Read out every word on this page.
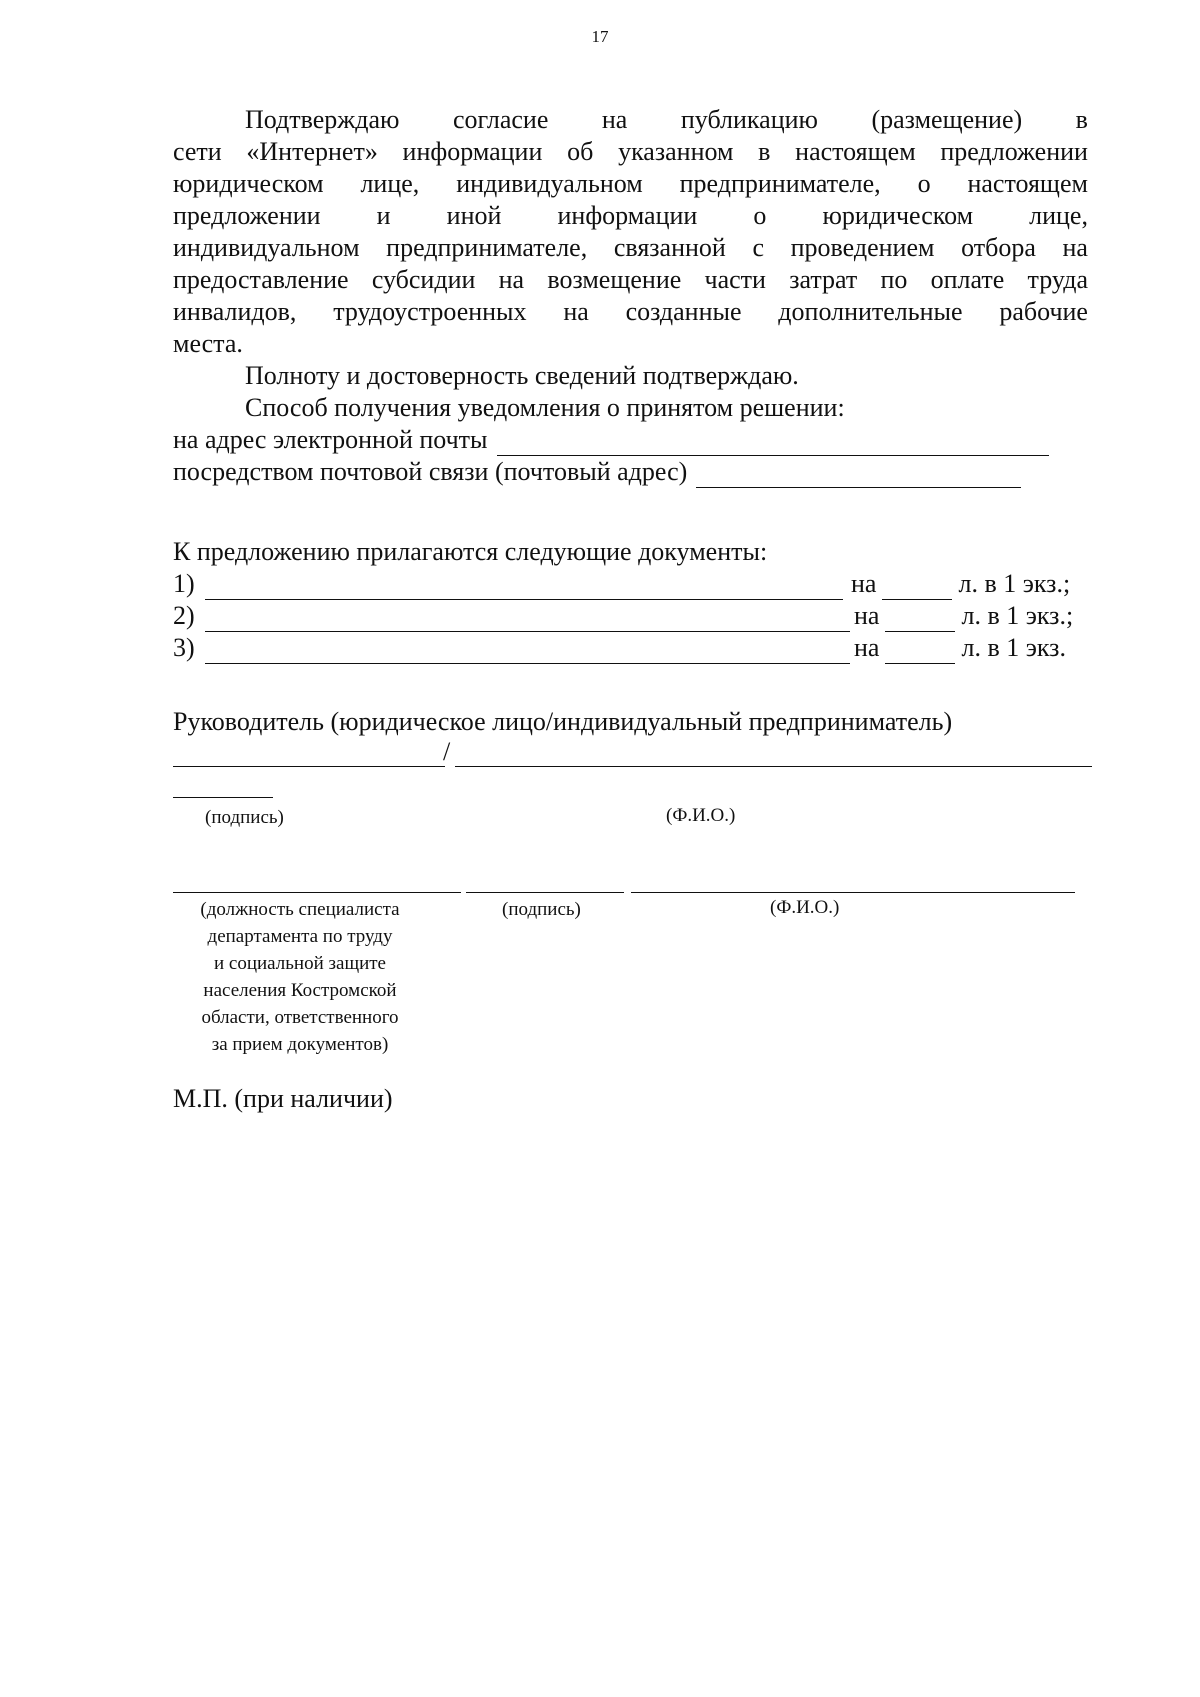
17
Подтверждаю согласие на публикацию (размещение) в
сети «Интернет» информации об указанном в настоящем предложении
юридическом лице, индивидуальном предпринимателе, о настоящем
предложении и иной информации о юридическом лице,
индивидуальном предпринимателе, связанной с проведением отбора на
предоставление субсидии на возмещение части затрат по оплате труда
инвалидов, трудоустроенных на созданные дополнительные рабочие
места.
Полноту и достоверность сведений подтверждаю.
Способ получения уведомления о принятом решении:
на адрес электронной почты
посредством почтовой связи (почтовый адрес)
К предложению прилагаются следующие документы:
1)	на	л. в 1 экз.;
2)	на	л. в 1 экз.;
3)	на	л. в 1 экз.
Руководитель (юридическое лицо/индивидуальный предприниматель)
/
(подпись)	(Ф.И.О.)
(должность специалиста
департамента по труду
и социальной защите
населения Костромской
области, ответственного
за прием документов)
(подпись)	(Ф.И.О.)
М.П. (при наличии)
